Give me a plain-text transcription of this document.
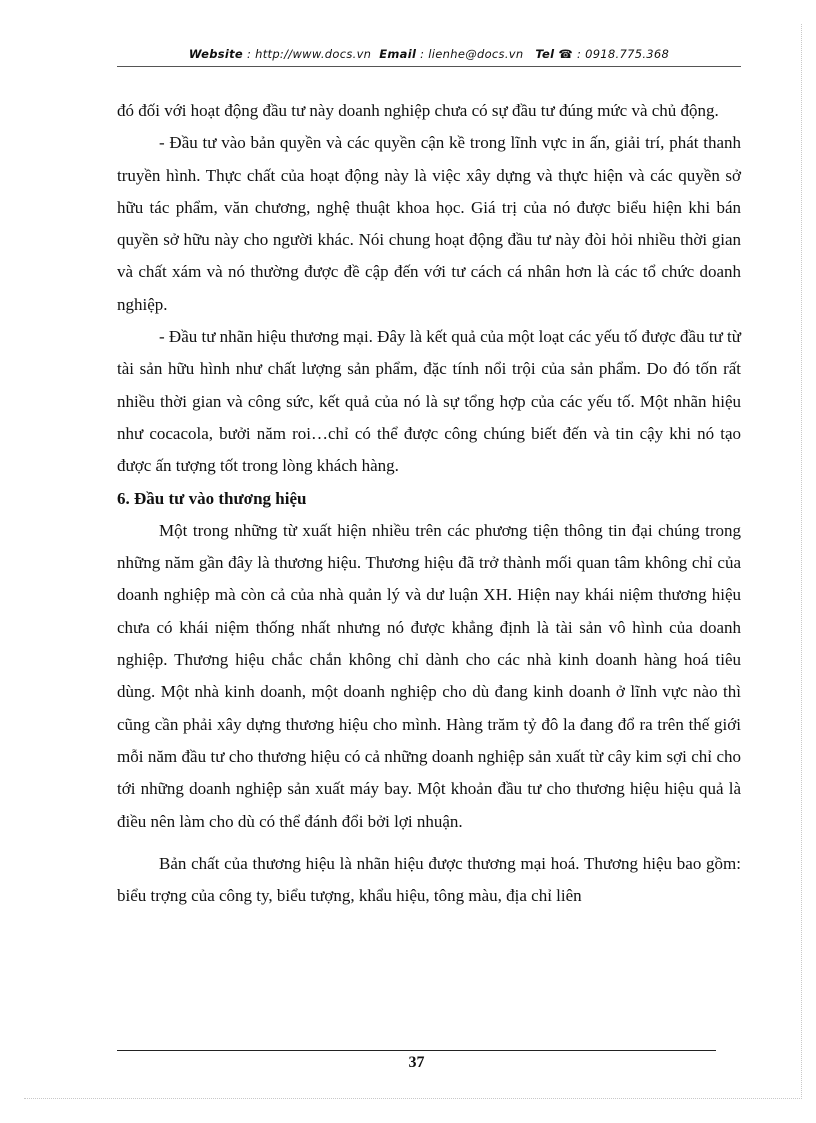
Website : http://www.docs.vn Email : lienhe@docs.vn Tel ☎ : 0918.775.368

đó đối với hoạt động đầu tư này doanh nghiệp chưa có sự đầu tư đúng mức và chủ động.

- Đầu tư vào bản quyền và các quyền cận kề trong lĩnh vực in ấn, giải trí, phát thanh truyền hình. Thực chất của hoạt động này là việc xây dựng và thực hiện và các quyền sở hữu tác phẩm, văn chương, nghệ thuật khoa học. Giá trị của nó được biểu hiện khi bán quyền sở hữu này cho người khác. Nói chung hoạt động đầu tư này đòi hỏi nhiều thời gian và chất xám và nó thường được đề cập đến với tư cách cá nhân hơn là các tổ chức doanh nghiệp.

- Đầu tư nhãn hiệu thương mại. Đây là kết quả của một loạt các yếu tố được đầu tư từ tài sản hữu hình như chất lượng sản phẩm, đặc tính nổi trội của sản phẩm. Do đó tốn rất nhiều thời gian và công sức, kết quả của nó là sự tổng hợp của các yếu tố. Một nhãn hiệu như cocacola, bưởi năm roi…chỉ có thể được công chúng biết đến và tin cậy khi nó tạo được ấn tượng tốt trong lòng khách hàng.

6. Đầu tư vào thương hiệu

Một trong những từ xuất hiện nhiều trên các phương tiện thông tin đại chúng trong những năm gần đây là thương hiệu. Thương hiệu đã trở thành mối quan tâm không chỉ của doanh nghiệp mà còn cả của nhà quản lý và dư luận XH. Hiện nay khái niệm thương hiệu chưa có khái niệm thống nhất nhưng nó được khẳng định là tài sản vô hình của doanh nghiệp. Thương hiệu chắc chắn không chỉ dành cho các nhà kinh doanh hàng hoá tiêu dùng. Một nhà kinh doanh, một doanh nghiệp cho dù đang kinh doanh ở lĩnh vực nào thì cũng cần phải xây dựng thương hiệu cho mình. Hàng trăm tỷ đô la đang đổ ra trên thế giới mỗi năm đầu tư cho thương hiệu có cả những doanh nghiệp sản xuất từ cây kim sợi chỉ cho tới những doanh nghiệp sản xuất máy bay. Một khoản đầu tư cho thương hiệu hiệu quả là điều nên làm cho dù có thể đánh đổi bởi lợi nhuận.

Bản chất của thương hiệu là nhãn hiệu được thương mại hoá. Thương hiệu bao gồm: biểu trợng của công ty, biểu tượng, khẩu hiệu, tông màu, địa chỉ liên

37
